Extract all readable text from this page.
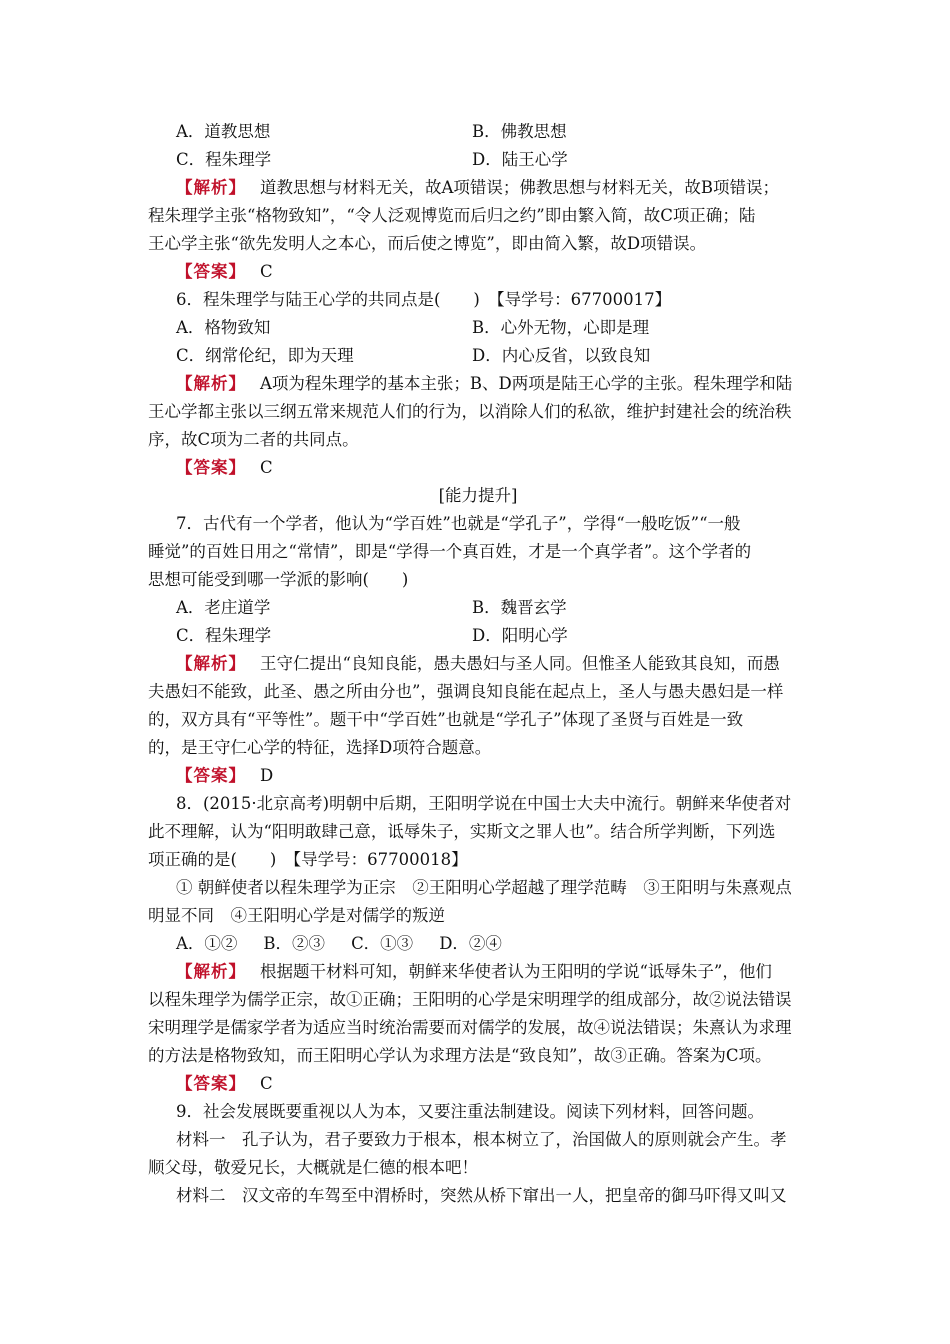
A．道教思想	B．佛教思想
C．程朱理学	D．陆王心学
【解析】 道教思想与材料无关，故A项错误；佛教思想与材料无关，故B项错误；
程朱理学主张“格物致知”，“令人泛观博览而后归之约”即由繁入简，故C项正确；陆
王心学主张“欲先发明人之本心，而后使之博览”，即由简入繁，故D项错误。
【答案】 C
6．程朱理学与陆王心学的共同点是(　　)　【导学号：67700017】
A．格物致知	B．心外无物，心即是理
C．纲常伦纪，即为天理	D．内心反省，以致良知
【解析】 A项为程朱理学的基本主张；B、D两项是陆王心学的主张。程朱理学和陆
王心学都主张以三纲五常来规范人们的行为，以消除人们的私欲，维护封建社会的统治秩
序，故C项为二者的共同点。
【答案】 C
[能力提升]
7．古代有一个学者，他认为“学百姓”也就是“学孔子”，学得“一般吃饭”“一般
睡觉”的百姓日用之“常情”，即是“学得一个真百姓，才是一个真学者”。这个学者的
思想可能受到哪一学派的影响(　　)
A．老庄道学	B．魏晋玄学
C．程朱理学	D．阳明心学
【解析】 王守仁提出“良知良能，愚夫愚妇与圣人同。但惟圣人能致其良知，而愚
夫愚妇不能致，此圣、愚之所由分也”，强调良知良能在起点上，圣人与愚夫愚妇是一样
的，双方具有“平等性”。题干中“学百姓”也就是“学孔子”体现了圣贤与百姓是一致
的，是王守仁心学的特征，选择D项符合题意。
【答案】 D
8．(2015·北京高考)明朝中后期，王阳明学说在中国士大夫中流行。朝鲜来华使者对
此不理解，认为“阳明敢肆己意，诋辱朱子，实斯文之罪人也”。结合所学判断，下列选
项正确的是(　　)　【导学号：67700018】
① 朝鲜使者以程朱理学为正宗　②王阳明心学超越了理学范畴　③王阳明与朱熹观点
明显不同　④王阳明心学是对儒学的叛逆
A．①② B．②③ C．①③ D．②④
【解析】 根据题干材料可知，朝鲜来华使者认为王阳明的学说“诋辱朱子”，他们
以程朱理学为儒学正宗，故①正确；王阳明的心学是宋明理学的组成部分，故②说法错误
宋明理学是儒家学者为适应当时统治需要而对儒学的发展，故④说法错误；朱熹认为求理
的方法是格物致知，而王阳明心学认为求理方法是“致良知”，故③正确。答案为C项。
【答案】 C
9．社会发展既要重视以人为本，又要注重法制建设。阅读下列材料，回答问题。
材料一　孔子认为，君子要致力于根本，根本树立了，治国做人的原则就会产生。孝
顺父母，敬爱兄长，大概就是仁德的根本吧！
材料二　汉文帝的车驾至中渭桥时，突然从桥下窜出一人，把皇帝的御马吓得又叫又
